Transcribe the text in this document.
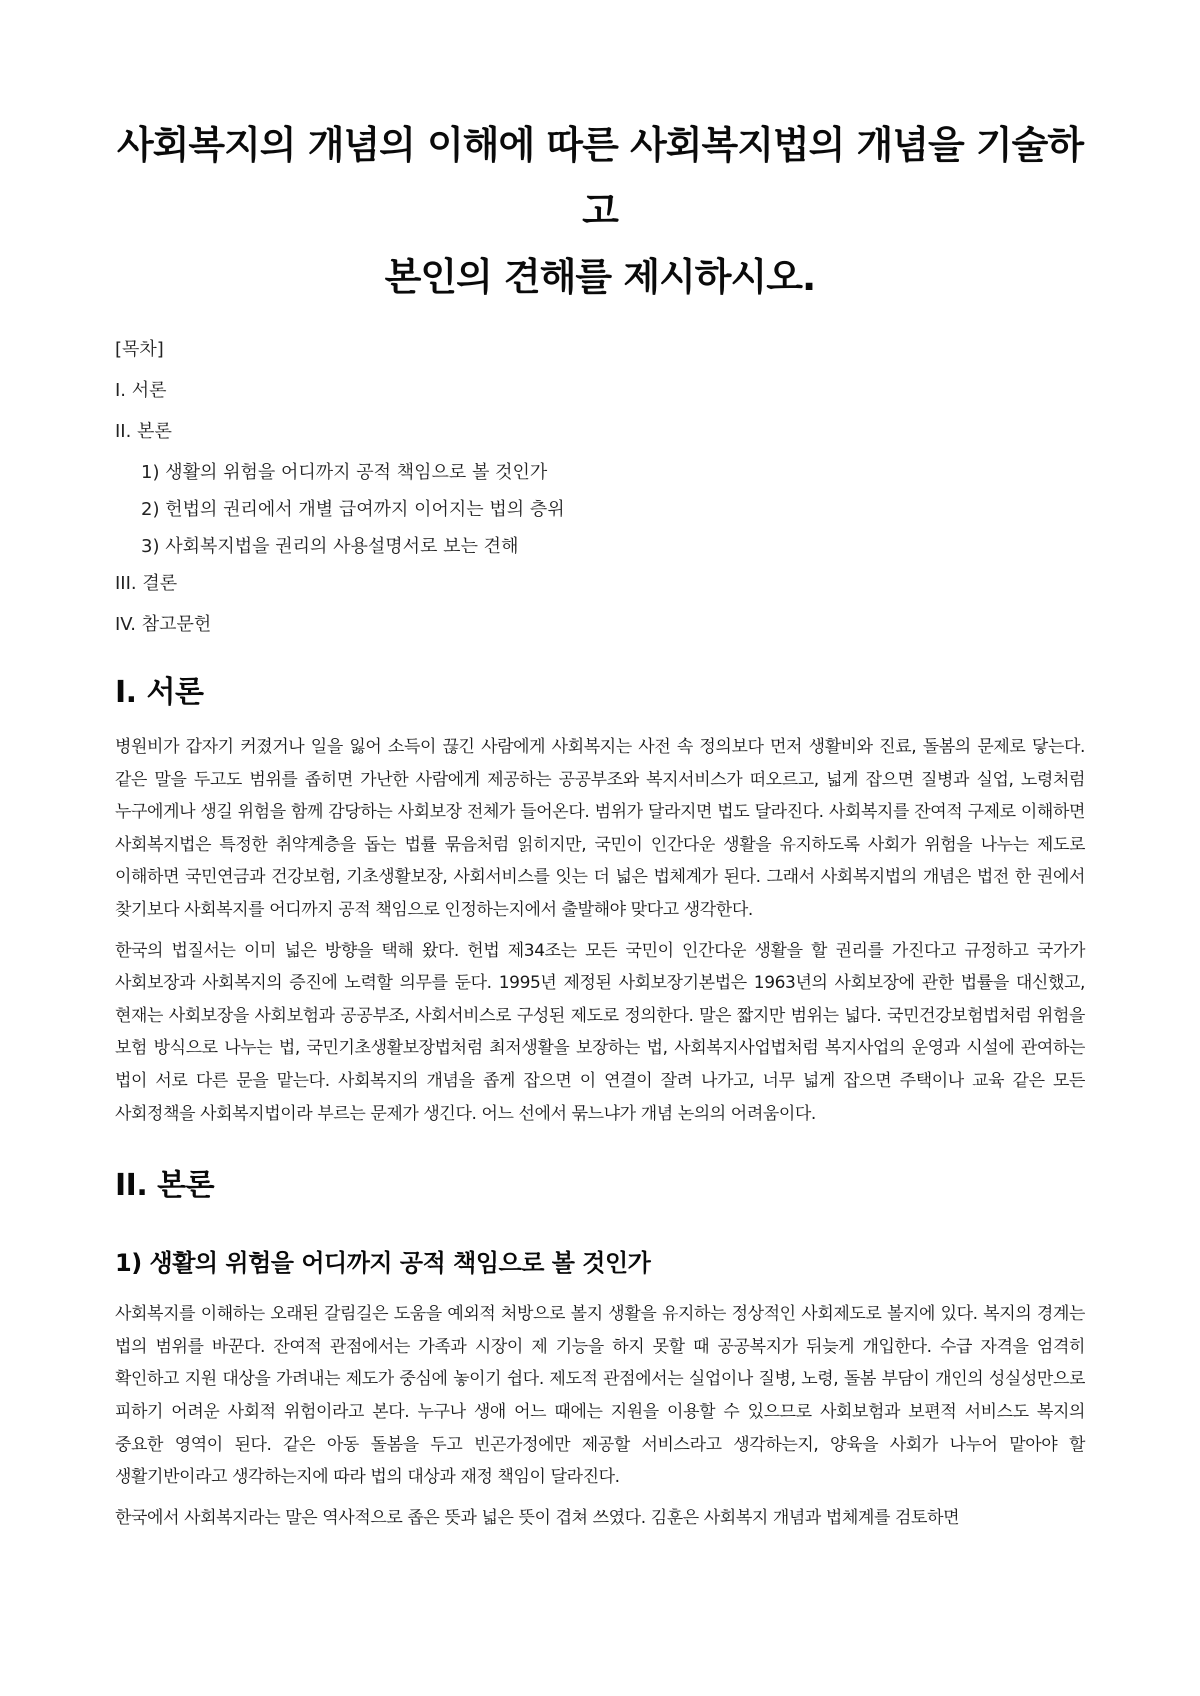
사회복지의 개념의 이해에 따른 사회복지법의 개념을 기술하고
본인의 견해를 제시하시오.
[목차]
I. 서론
II. 본론
1) 생활의 위험을 어디까지 공적 책임으로 볼 것인가
2) 헌법의 권리에서 개별 급여까지 이어지는 법의 층위
3) 사회복지법을 권리의 사용설명서로 보는 견해
III. 결론
IV. 참고문헌
I. 서론

병원비가 갑자기 커졌거나 일을 잃어 소득이 끊긴 사람에게 사회복지는 사전 속 정의보다 먼저 생활비와 진료, 돌봄의 문제로 닿는다. 같은 말을 두고도 범위를 좁히면 가난한 사람에게 제공하는 공공부조와 복지서비스가 떠오르고, 넓게 잡으면 질병과 실업, 노령처럼 누구에게나 생길 위험을 함께 감당하는 사회보장 전체가 들어온다. 범위가 달라지면 법도 달라진다. 사회복지를 잔여적 구제로 이해하면 사회복지법은 특정한 취약계층을 돕는 법률 묶음처럼 읽히지만, 국민이 인간다운 생활을 유지하도록 사회가 위험을 나누는 제도로 이해하면 국민연금과 건강보험, 기초생활보장, 사회서비스를 잇는 더 넓은 법체계가 된다. 그래서 사회복지법의 개념은 법전 한 권에서 찾기보다 사회복지를 어디까지 공적 책임으로 인정하는지에서 출발해야 맞다고 생각한다.

한국의 법질서는 이미 넓은 방향을 택해 왔다. 헌법 제34조는 모든 국민이 인간다운 생활을 할 권리를 가진다고 규정하고 국가가 사회보장과 사회복지의 증진에 노력할 의무를 둔다. 1995년 제정된 사회보장기본법은 1963년의 사회보장에 관한 법률을 대신했고, 현재는 사회보장을 사회보험과 공공부조, 사회서비스로 구성된 제도로 정의한다. 말은 짧지만 범위는 넓다. 국민건강보험법처럼 위험을 보험 방식으로 나누는 법, 국민기초생활보장법처럼 최저생활을 보장하는 법, 사회복지사업법처럼 복지사업의 운영과 시설에 관여하는 법이 서로 다른 문을 맡는다. 사회복지의 개념을 좁게 잡으면 이 연결이 잘려 나가고, 너무 넓게 잡으면 주택이나 교육 같은 모든 사회정책을 사회복지법이라 부르는 문제가 생긴다. 어느 선에서 묶느냐가 개념 논의의 어려움이다.

II. 본론
1) 생활의 위험을 어디까지 공적 책임으로 볼 것인가

사회복지를 이해하는 오래된 갈림길은 도움을 예외적 처방으로 볼지 생활을 유지하는 정상적인 사회제도로 볼지에 있다. 복지의 경계는 법의 범위를 바꾼다. 잔여적 관점에서는 가족과 시장이 제 기능을 하지 못할 때 공공복지가 뒤늦게 개입한다. 수급 자격을 엄격히 확인하고 지원 대상을 가려내는 제도가 중심에 놓이기 쉽다. 제도적 관점에서는 실업이나 질병, 노령, 돌봄 부담이 개인의 성실성만으로 피하기 어려운 사회적 위험이라고 본다. 누구나 생애 어느 때에는 지원을 이용할 수 있으므로 사회보험과 보편적 서비스도 복지의 중요한 영역이 된다. 같은 아동 돌봄을 두고 빈곤가정에만 제공할 서비스라고 생각하는지, 양육을 사회가 나누어 맡아야 할 생활기반이라고 생각하는지에 따라 법의 대상과 재정 책임이 달라진다.

한국에서 사회복지라는 말은 역사적으로 좁은 뜻과 넓은 뜻이 겹쳐 쓰였다. 김훈은 사회복지 개념과 법체계를 검토하면
